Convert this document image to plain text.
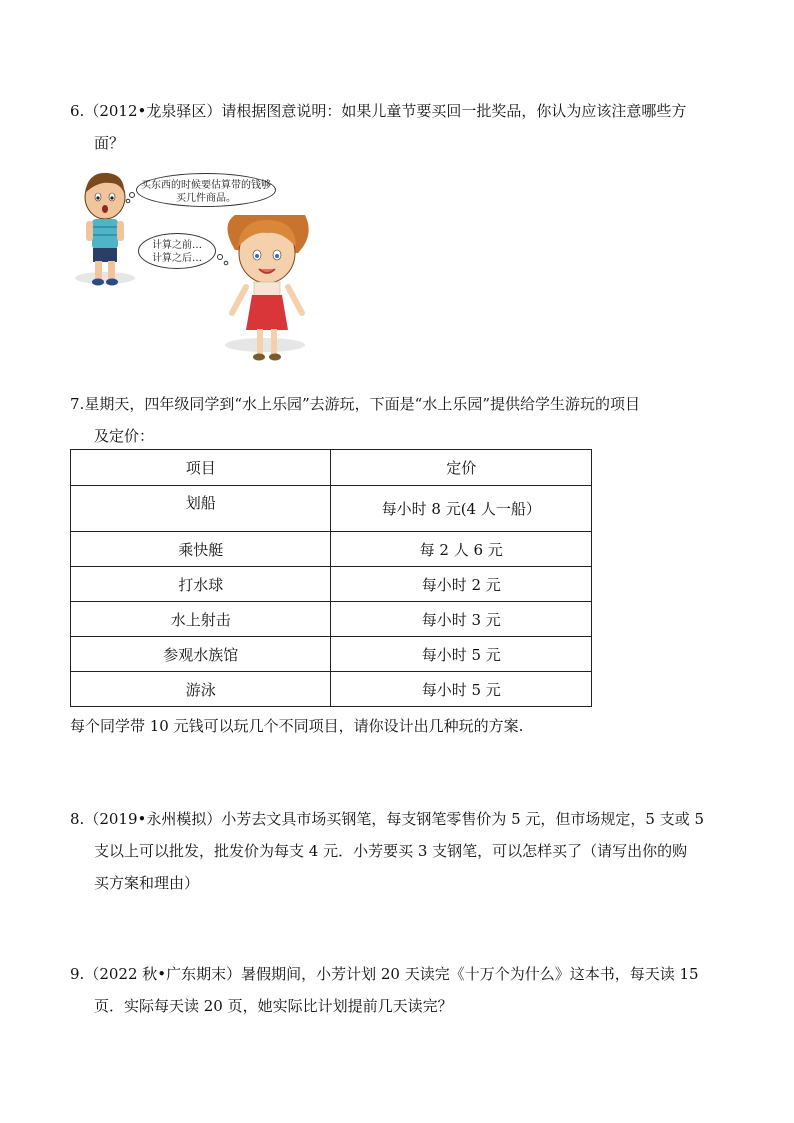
6.（2012•龙泉驿区）请根据图意说明：如果儿童节要买回一批奖品，你认为应该注意哪些方
面？
买东西的时候要估算带的钱够买几件商品。
计算之前…
计算之后…
7.星期天，四年级同学到“水上乐园”去游玩，下面是“水上乐园”提供给学生游玩的项目
及定价：
项目	定价
划船	每小时 8 元(4 人一船）
乘快艇	每 2 人 6 元
打水球	每小时 2 元
水上射击	每小时 3 元
参观水族馆	每小时 5 元
游泳	每小时 5 元
每个同学带 10 元钱可以玩几个不同项目，请你设计出几种玩的方案.
8.（2019•永州模拟）小芳去文具市场买钢笔，每支钢笔零售价为 5 元，但市场规定，5 支或 5
支以上可以批发，批发价为每支 4 元．小芳要买 3 支钢笔，可以怎样买了（请写出你的购
买方案和理由）
9.（2022 秋•广东期末）暑假期间，小芳计划 20 天读完《十万个为什么》这本书，每天读 15
页．实际每天读 20 页，她实际比计划提前几天读完？
